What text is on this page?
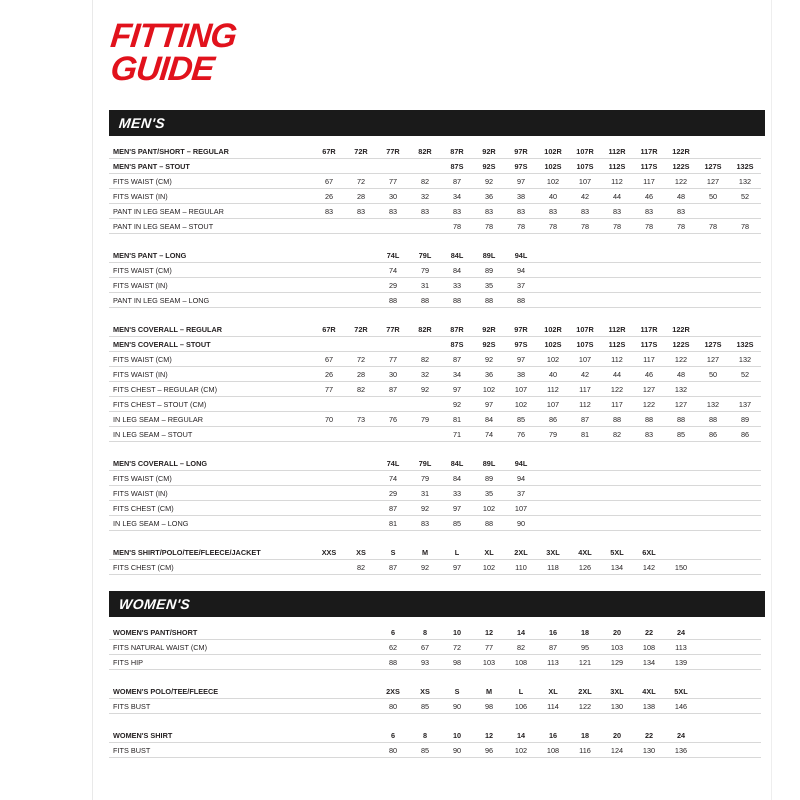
FITTING
GUIDE
MEN'S
MEN'S PANT/SHORT – REGULAR	67R	72R	77R	82R	87R	92R	97R	102R	107R	112R	117R	122R		
MEN'S PANT – STOUT					87S	92S	97S	102S	107S	112S	117S	122S	127S	132S
FITS WAIST (CM)	67	72	77	82	87	92	97	102	107	112	117	122	127	132
FITS WAIST (IN)	26	28	30	32	34	36	38	40	42	44	46	48	50	52
PANT IN LEG SEAM – REGULAR	83	83	83	83	83	83	83	83	83	83	83	83		
PANT IN LEG SEAM – STOUT					78	78	78	78	78	78	78	78	78	78
MEN'S PANT – LONG			74L	79L	84L	89L	94L							
FITS WAIST (CM)			74	79	84	89	94							
FITS WAIST (IN)			29	31	33	35	37							
PANT IN LEG SEAM – LONG			88	88	88	88	88							
MEN'S COVERALL – REGULAR	67R	72R	77R	82R	87R	92R	97R	102R	107R	112R	117R	122R		
MEN'S COVERALL – STOUT					87S	92S	97S	102S	107S	112S	117S	122S	127S	132S
FITS WAIST (CM)	67	72	77	82	87	92	97	102	107	112	117	122	127	132
FITS WAIST (IN)	26	28	30	32	34	36	38	40	42	44	46	48	50	52
FITS CHEST – REGULAR (CM)	77	82	87	92	97	102	107	112	117	122	127	132		
FITS CHEST – STOUT (CM)					92	97	102	107	112	117	122	127	132	137
IN LEG SEAM – REGULAR	70	73	76	79	81	84	85	86	87	88	88	88	88	89
IN LEG SEAM – STOUT					71	74	76	79	81	82	83	85	86	86
MEN'S COVERALL – LONG			74L	79L	84L	89L	94L							
FITS WAIST (CM)			74	79	84	89	94							
FITS WAIST (IN)			29	31	33	35	37							
FITS CHEST (CM)			87	92	97	102	107							
IN LEG SEAM – LONG			81	83	85	88	90							
MEN'S SHIRT/POLO/TEE/FLEECE/JACKET	XXS	XS	S	M	L	XL	2XL	3XL	4XL	5XL	6XL			
FITS CHEST (CM)		82	87	92	97	102	110	118	126	134	142	150		
WOMEN'S
WOMEN'S PANT/SHORT			6	8	10	12	14	16	18	20	22	24		
FITS NATURAL WAIST (CM)			62	67	72	77	82	87	95	103	108	113		
FITS HIP			88	93	98	103	108	113	121	129	134	139		
WOMEN'S POLO/TEE/FLEECE			2XS	XS	S	M	L	XL	2XL	3XL	4XL	5XL		
FITS BUST			80	85	90	98	106	114	122	130	138	146		
WOMEN'S SHIRT			6	8	10	12	14	16	18	20	22	24		
FITS BUST			80	85	90	96	102	108	116	124	130	136		
